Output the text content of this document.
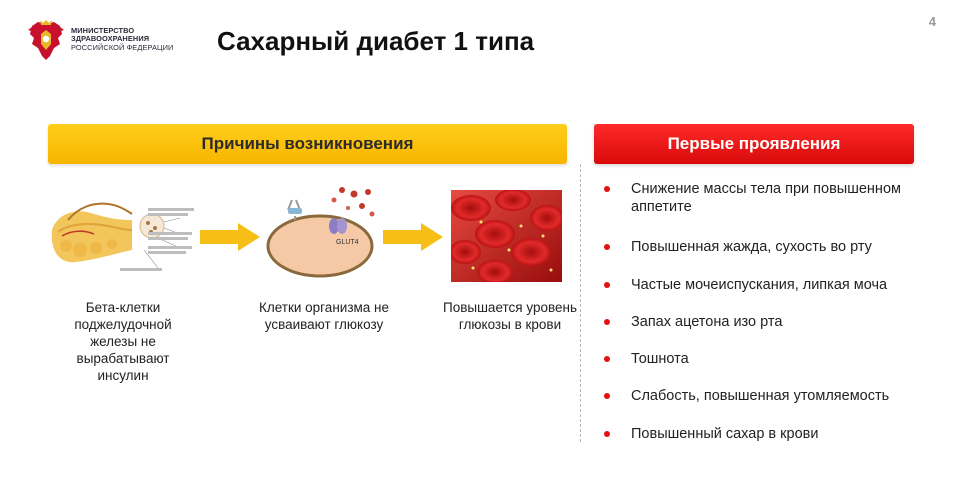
МИНИСТЕРСТВО
ЗДРАВООХРАНЕНИЯ
РОССИЙСКОЙ ФЕДЕРАЦИИ Сахарный диабет 1 типа
4
Причины возникновения	Первые проявления
GLUT4
Бета-клетки поджелудочной железы не вырабатывают инсулин
Клетки организма не усваивают глюкозу
Повышается уровень глюкозы в крови
Снижение массы тела при повышенном аппетите
Повышенная жажда, сухость во рту
Частые мочеиспускания, липкая моча
Запах ацетона изо рта
Тошнота
Слабость, повышенная утомляемость
Повышенный сахар в крови
